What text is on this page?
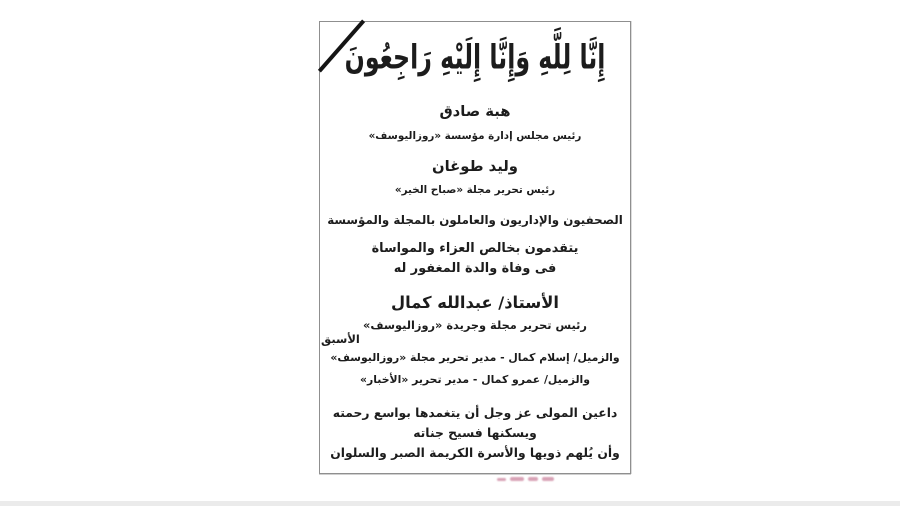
إِنَّا لِلَّهِ وَإِنَّا إِلَيْهِ رَاجِعُونَ
هبة صادق
رئيس مجلس إدارة مؤسسة «روزاليوسف»
وليد طوغان
رئيس تحرير مجلة «صباح الخير»
الصحفيون والإداريون والعاملون بالمجلة والمؤسسة
يتقدمون بخالص العزاء والمواساة
فى وفاة والدة المغفور له
الأستاذ/ عبدالله كمال
رئيس تحرير مجلة وجريدة «روزاليوسف»
الأسبق
والزميل/ إسلام كمال - مدير تحرير مجلة «روزاليوسف»
والزميل/ عمرو كمال - مدير تحرير «الأخبار»
داعين المولى عز وجل أن يتغمدها بواسع رحمته
ويسكنها فسيح جناته
وأن يُلهم ذويها والأسرة الكريمة الصبر والسلوان
